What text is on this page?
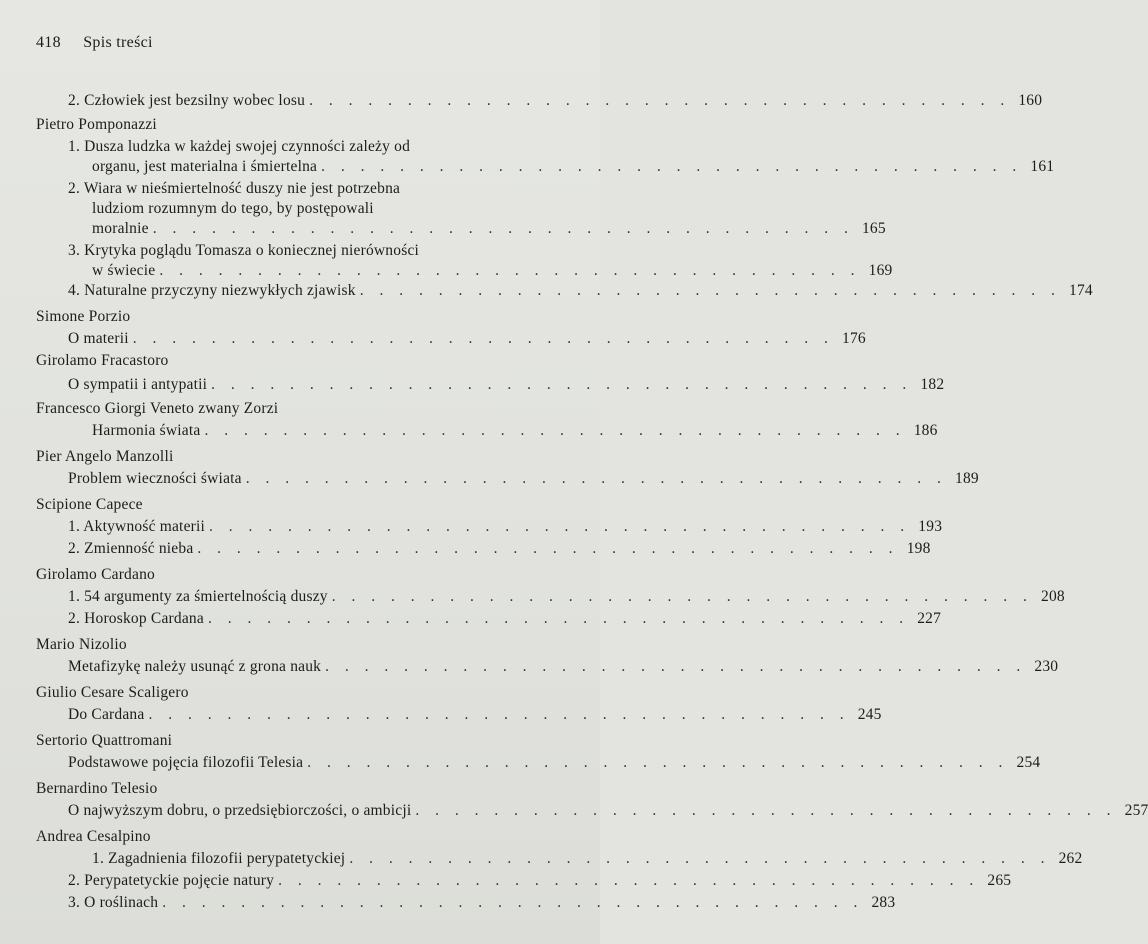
418 Spis treści
2. Człowiek jest bezsilny wobec losu . . . . . . . . . . . . . . . . . . . . . . . . . . . . . . . . . . . . 160
Pietro Pomponazzi
1. Dusza ludzka w każdej swojej czynności zależy od
organu, jest materialna i śmiertelna . . . . . . . . . . . . . . . . . . . . . . . . . . . . . . . . . . . . 161
2. Wiara w nieśmiertelność duszy nie jest potrzebna
ludziom rozumnym do tego, by postępowali
moralnie . . . . . . . . . . . . . . . . . . . . . . . . . . . . . . . . . . . . 165
3. Krytyka poglądu Tomasza o koniecznej nierówności
w świecie . . . . . . . . . . . . . . . . . . . . . . . . . . . . . . . . . . . . 169
4. Naturalne przyczyny niezwykłych zjawisk . . . . . . . . . . . . . . . . . . . . . . . . . . . . . . . . . . . . 174
Simone Porzio
O materii . . . . . . . . . . . . . . . . . . . . . . . . . . . . . . . . . . . . 176
Girolamo Fracastoro
O sympatii i antypatii . . . . . . . . . . . . . . . . . . . . . . . . . . . . . . . . . . . . 182
Francesco Giorgi Veneto zwany Zorzi
Harmonia świata . . . . . . . . . . . . . . . . . . . . . . . . . . . . . . . . . . . . 186
Pier Angelo Manzolli
Problem wieczności świata . . . . . . . . . . . . . . . . . . . . . . . . . . . . . . . . . . . . 189
Scipione Capece
1. Aktywność materii . . . . . . . . . . . . . . . . . . . . . . . . . . . . . . . . . . . . 193
2. Zmienność nieba . . . . . . . . . . . . . . . . . . . . . . . . . . . . . . . . . . . . 198
Girolamo Cardano
1. 54 argumenty za śmiertelnością duszy . . . . . . . . . . . . . . . . . . . . . . . . . . . . . . . . . . . . 208
2. Horoskop Cardana . . . . . . . . . . . . . . . . . . . . . . . . . . . . . . . . . . . . 227
Mario Nizolio
Metafizykę należy usunąć z grona nauk . . . . . . . . . . . . . . . . . . . . . . . . . . . . . . . . . . . . 230
Giulio Cesare Scaligero
Do Cardana . . . . . . . . . . . . . . . . . . . . . . . . . . . . . . . . . . . . 245
Sertorio Quattromani
Podstawowe pojęcia filozofii Telesia . . . . . . . . . . . . . . . . . . . . . . . . . . . . . . . . . . . . 254
Bernardino Telesio
O najwyższym dobru, o przedsiębiorczości, o ambicji . . . . . . . . . . . . . . . . . . . . . . . . . . . . . . . . . . . . 257
Andrea Cesalpino
1. Zagadnienia filozofii perypatetyckiej . . . . . . . . . . . . . . . . . . . . . . . . . . . . . . . . . . . . 262
2. Perypatetyckie pojęcie natury . . . . . . . . . . . . . . . . . . . . . . . . . . . . . . . . . . . . 265
3. O roślinach . . . . . . . . . . . . . . . . . . . . . . . . . . . . . . . . . . . . 283
